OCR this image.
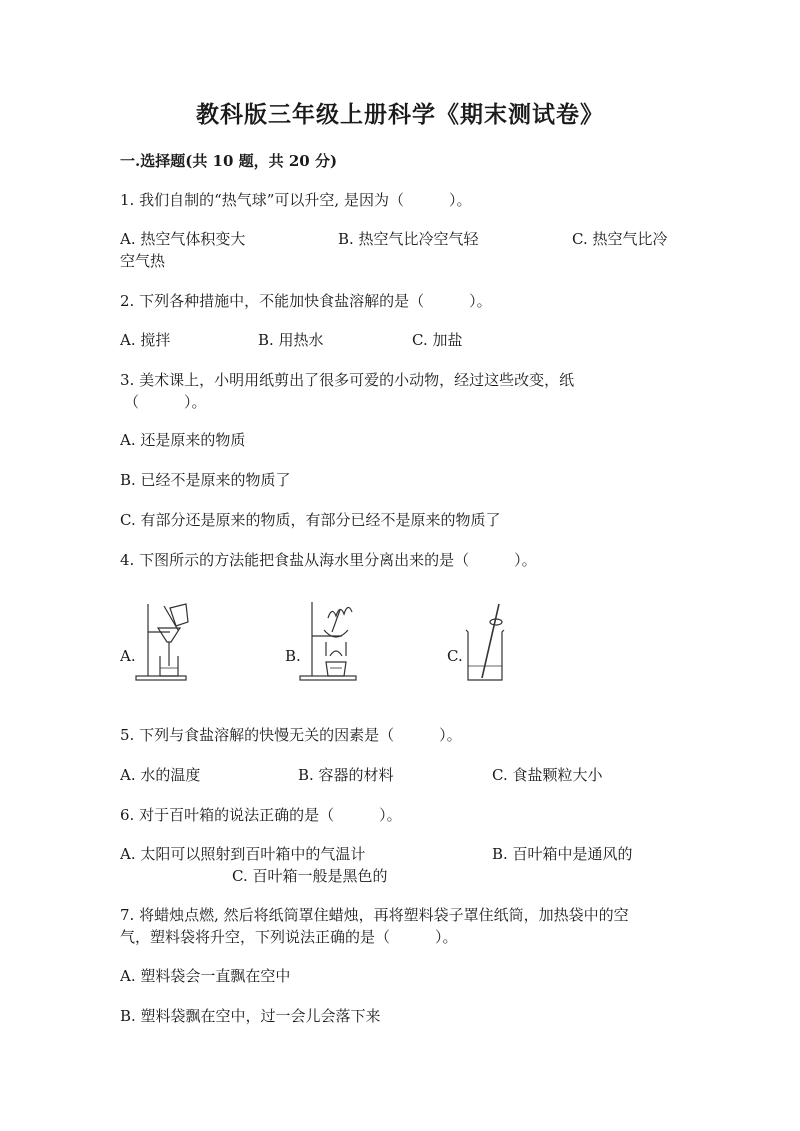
教科版三年级上册科学《期末测试卷》
一.选择题(共 10 题，共 20 分)
1. 我们自制的“热气球”可以升空, 是因为（　　　）。
A. 热空气体积变大	B. 热空气比冷空气轻	C. 热空气比冷
空气热
2. 下列各种措施中，不能加快食盐溶解的是（　　　）。
A. 搅拌	B. 用热水	C. 加盐
3. 美术课上，小明用纸剪出了很多可爱的小动物，经过这些改变，纸
（　　　）。
A. 还是原来的物质
B. 已经不是原来的物质了
C. 有部分还是原来的物质，有部分已经不是原来的物质了
4. 下图所示的方法能把食盐从海水里分离出来的是（　　　）。
A.	B.	C.
5. 下列与食盐溶解的快慢无关的因素是（　　　）。
A. 水的温度	B. 容器的材料	C. 食盐颗粒大小
6. 对于百叶箱的说法正确的是（　　　）。
A. 太阳可以照射到百叶箱中的气温计	B. 百叶箱中是通风的
C. 百叶箱一般是黑色的
7. 将蜡烛点燃, 然后将纸筒罩住蜡烛，再将塑料袋子罩住纸筒，加热袋中的空
气，塑料袋将升空，下列说法正确的是（　　　）。
A. 塑料袋会一直飘在空中
B. 塑料袋飘在空中，过一会儿会落下来
